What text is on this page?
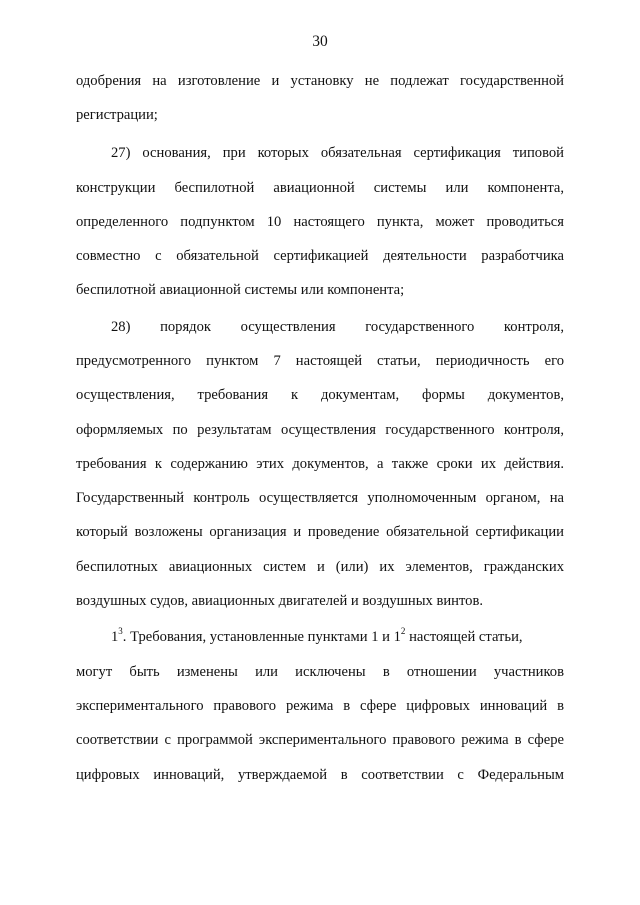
30
одобрения на изготовление и установку не подлежат государственной
регистрации;
27) основания, при которых обязательная сертификация типовой
конструкции беспилотной авиационной системы или компонента,
определенного подпунктом 10 настоящего пункта, может проводиться
совместно с обязательной сертификацией деятельности разработчика
беспилотной авиационной системы или компонента;
28) порядок осуществления государственного контроля,
предусмотренного пунктом 7 настоящей статьи, периодичность его
осуществления, требования к документам, формы документов,
оформляемых по результатам осуществления государственного контроля,
требования к содержанию этих документов, а также сроки их действия.
Государственный контроль осуществляется уполномоченным органом, на
который возложены организация и проведение обязательной сертификации
беспилотных авиационных систем и (или) их элементов, гражданских
воздушных судов, авиационных двигателей и воздушных винтов.
$1^3$. Требования, установленные пунктами 1 и $1^2$ настоящей статьи,
могут быть изменены или исключены в отношении участников
экспериментального правового режима в сфере цифровых инноваций в
соответствии с программой экспериментального правового режима в сфере
цифровых инноваций, утверждаемой в соответствии с Федеральным
